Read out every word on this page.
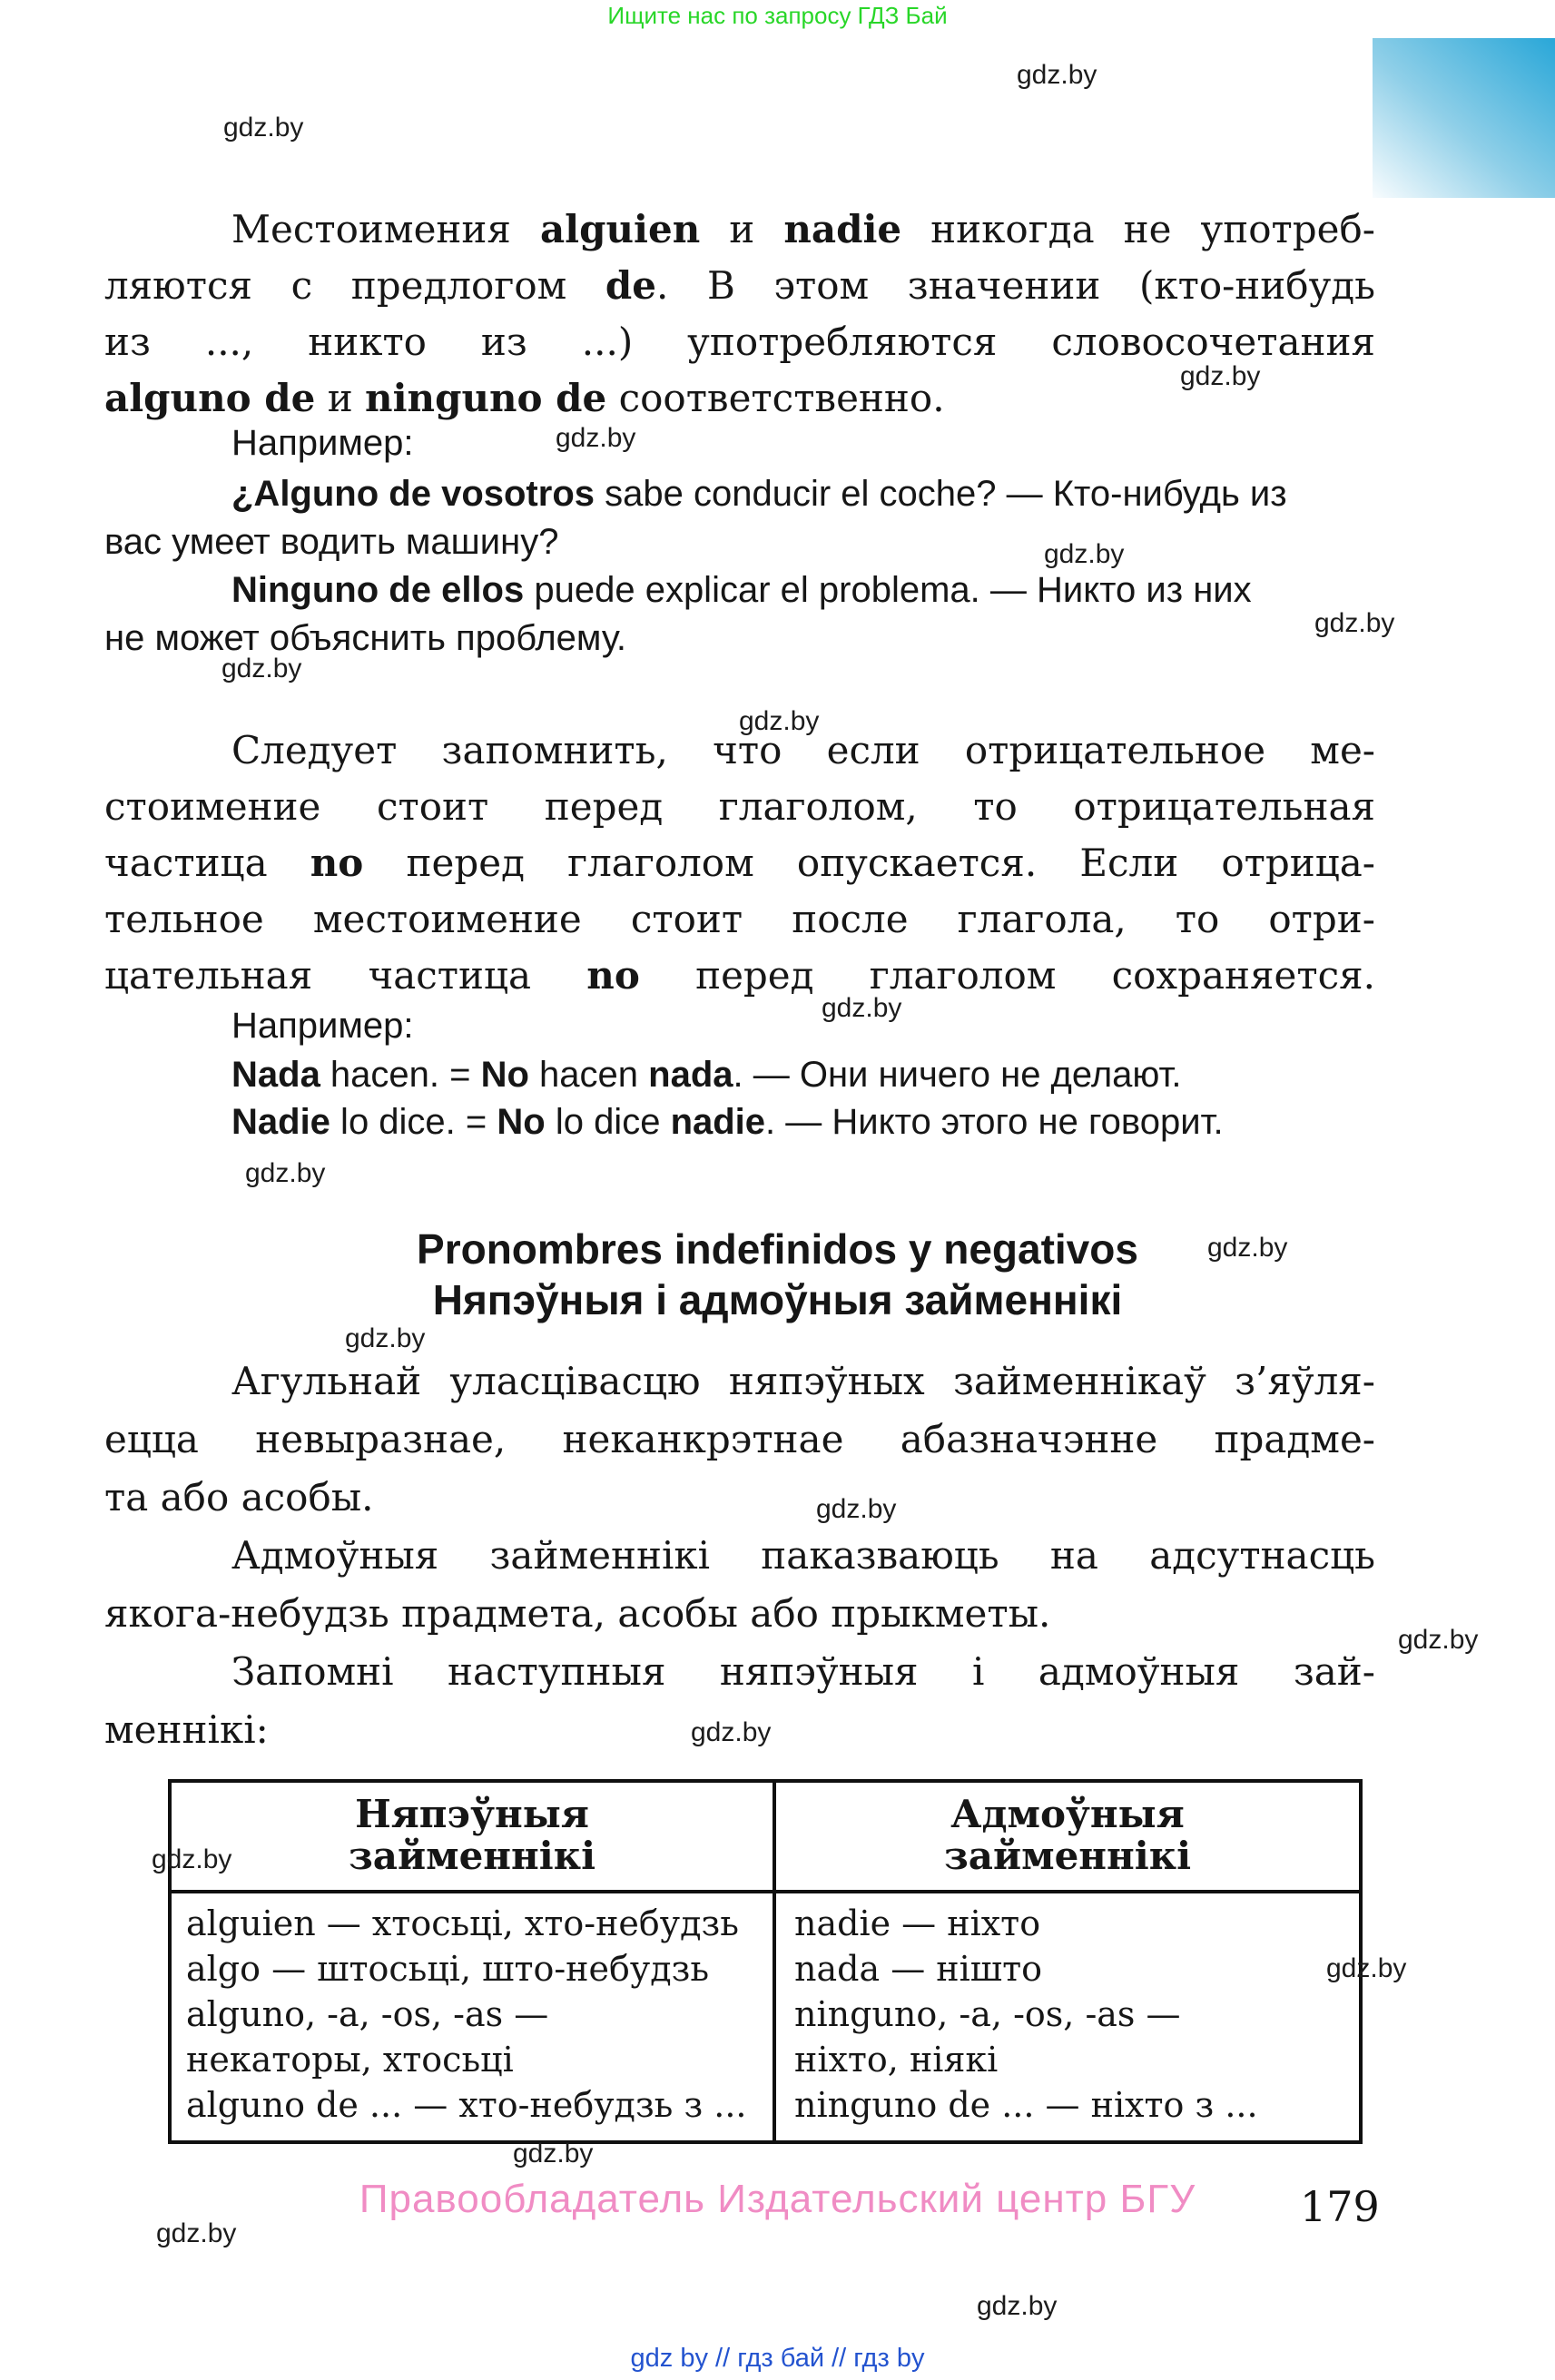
Ищите нас по запросу ГДЗ Бай
gdz.by
gdz.by
gdz.by
gdz.by
gdz.by
gdz.by
gdz.by
gdz.by
gdz.by
gdz.by
gdz.by
gdz.by
gdz.by
gdz.by
gdz.by
gdz.by
gdz.by
gdz.by
gdz.by
gdz.by
Местоимения alguien и nadie никогда не употреб-
ляются с предлогом de. В этом значении (кто-нибудь
из ..., никто из ...) употребляются словосочетания
alguno de и ninguno de соответственно.
Например:
¿Alguno de vosotros sabe conducir el coche? — Кто-нибудь из
вас умеет водить машину?
Ninguno de ellos puede explicar el problema. — Никто из них
не может объяснить проблему.
Следует запомнить, что если отрицательное ме-
стоимение стоит перед глаголом, то отрицательная
частица no перед глаголом опускается. Если отрица-
тельное местоимение стоит после глагола, то отри-
цательная частица no перед глаголом сохраняется.
Например:
Nada hacen. = No hacen nada. — Они ничего не делают.
Nadie lo dice. = No lo dice nadie. — Никто этого не говорит.
Pronombres indefinidos y negativos
Няпэўныя і адмоўныя займеннікі
Агульнай уласцівасцю няпэўных займеннікаў з’яўля-
ецца невыразнае, неканкрэтнае абазначэнне прадме-
та або асобы.
Адмоўныя займеннікі паказваюць на адсутнасць
якога-небудзь прадмета, асобы або прыкметы.
Запомні наступныя няпэўныя і адмоўныя зай-
меннікі:
Няпэўныя
займеннікі
Адмоўныя
займеннікі
alguien — хтосьці, хто-небудзь
algo — штосьці, што-небудзь
alguno, -a, -os, -as —
некаторы, хтосьці
alguno de ... — хто-небудзь з ...
nadie — ніхто
nada — нішто
ninguno, -a, -os, -as —
ніхто, ніякі
ninguno de ... — ніхто з ...
Правообладатель Издательский центр БГУ	179
gdz by // гдз бай // гдз by
